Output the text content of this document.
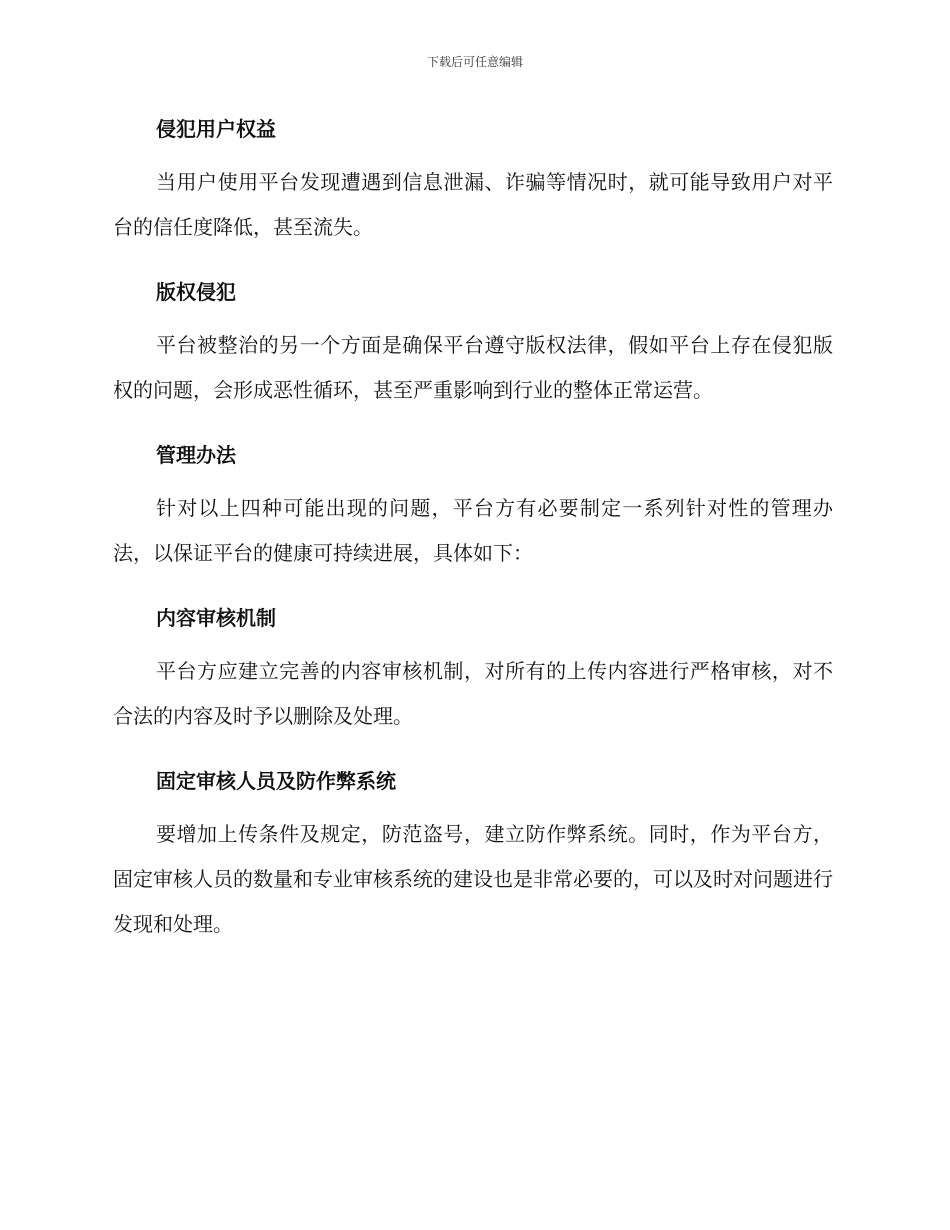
下载后可任意编辑
侵犯用户权益

当用户使用平台发现遭遇到信息泄漏、诈骗等情况时，就可能导致用户对平台的信任度降低，甚至流失。

版权侵犯

平台被整治的另一个方面是确保平台遵守版权法律，假如平台上存在侵犯版权的问题，会形成恶性循环，甚至严重影响到行业的整体正常运营。

管理办法

针对以上四种可能出现的问题，平台方有必要制定一系列针对性的管理办法，以保证平台的健康可持续进展，具体如下：

内容审核机制

平台方应建立完善的内容审核机制，对所有的上传内容进行严格审核，对不合法的内容及时予以删除及处理。

固定审核人员及防作弊系统

要增加上传条件及规定，防范盗号，建立防作弊系统。同时，作为平台方，固定审核人员的数量和专业审核系统的建设也是非常必要的，可以及时对问题进行发现和处理。
